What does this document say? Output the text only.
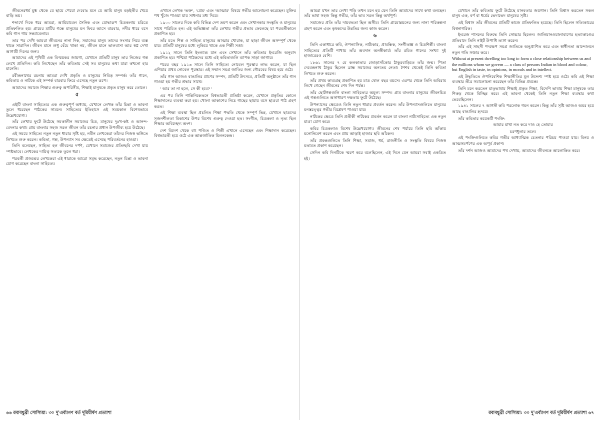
জীবনেরধর্ম মুগ্ধ থেকে যে ছায়ে পেয়ো দেবোঃ মনে যে আমি মানুষ বড়ইতীর খেয়ে বাড়ি ভয়।

শব্দার্থে দিকে ধরে আমরা, আমিয়াবেল সৈনিক এবং যোদ্ধারূপ চিত্রকলায় চরিত্রে প্রতিফলিত হয়। গ্রামের মাটির গন্ধে মানুষের মন ফিরে আসে বারবার, নদীর ধারে বসে কবি গান গায় সন্ধ্যাবেলায়।

তার পর দেখি আমরা জীবনের নানা দিক, সমাজের মানুষ তাদের সংসার নিয়ে ব্যস্ত থাকে সারাদিন। জীবন মানে শুধু বেঁচে থাকা নয়, জীবন মানে ভালবাসা আর স্বপ্ন দেখা আগামী দিনের জন্য।

আমাদের এই পৃথিবী এক বিস্ময়কর জায়গা, যেখানে প্রতিটি মানুষ তার নিজের গল্প লেখে প্রতিদিন। কবি লিখেছেন তাঁর কবিতায় সেই সব মানুষের কথা যারা কখনো হার মানেনি।

রবীন্দ্রনাথের রচনায় আমরা দেখি প্রকৃতি ও মানুষের নিবিড় সম্পর্ক। তাঁর গানে, কবিতায় ও নাটকে এই সম্পর্ক বারবার ফিরে এসেছে নতুন রূপে।

আমাদের সমাজে শিক্ষার গুরুত্ব অপরিসীম, শিক্ষাই মানুষকে প্রকৃত মানুষ করে তোলে।

৫

এইটি বাংলা সাহিত্যের এক গুরুত্বপূর্ণ অধ্যায়, যেখানে লেখক তাঁর চিন্তা ও ভাবনা তুলে ধরেছেন পাঠকের সামনে। সাহিত্যের ইতিহাসে এই সময়কাল বিশেষভাবে উল্লেখযোগ্য।

তাঁর লেখায় ফুটে উঠেছে সমকালীন সমাজের চিত্র, মানুষের দুঃখ-কষ্ট ও আনন্দ-বেদনার কথা। গ্রাম বাংলার সহজ সরল জীবন তাঁর রচনার প্রধান উপজীব্য হয়ে উঠেছে।

এই সময়ে সাহিত্যে নতুন নতুন ধারার সৃষ্টি হয়, নবীন লেখকেরা তাঁদের নিজস্ব ভঙ্গিতে লিখতে শুরু করেন। কবিতা, গল্প, উপন্যাস সব ক্ষেত্রেই এসেছে পরিবর্তনের হাওয়া।

তিনি বলেছেন, সাহিত্য হল জীবনের দর্পণ, যেখানে সমাজের প্রতিচ্ছবি দেখা যায় স্পষ্টভাবে। লেখকের দায়িত্ব সত্যকে তুলে ধরা।

পরবর্তী প্রজন্মের লেখকেরা এই ধারাকে আরো সমৃদ্ধ করেছেন, নতুন চিন্তা ও ভাবনা যোগ করেছেন বাংলা সাহিত্যে।

এখানে লেখক 'ভক্ত', 'প্রেম' এবং 'আত্মার' বিষয়ে গভীর আলোচনা করেছেন। মুক্তির পথ খুঁজে পাওয়া যায় সাধনার মধ্য দিয়ে।

১৯০০ সালের দিকে কবি বিভিন্ন দেশ ভ্রমণ করেন এবং সেখানকার সংস্কৃতি ও মানুষের সাথে পরিচিত হন। এই অভিজ্ঞতা তাঁর লেখায় গভীর প্রভাব ফেলেছে যা পরবর্তীকালে প্রকাশিত হয়।

তাঁর মতে শিল্প ও সাহিত্য মানুষের আত্মার খোরাক, যা ছাড়া জীবন অসম্পূর্ণ থেকে যায়। প্রতিটি মানুষের মধ্যে লুকিয়ে থাকে এক শিল্পী সত্তা।

১৯১২ সালে তিনি ইংল্যান্ড যান এবং সেখানে তাঁর কবিতার ইংরেজি অনুবাদ প্রকাশিত হয়। পশ্চিমা পাঠকদের মধ্যে এই কবিতাগুলি ব্যাপক সাড়া জাগায়।

পরের বছর ১৯১৩ সালে তিনি সাহিত্যে নোবেল পুরস্কার লাভ করেন, যা ছিল এশিয়ার প্রথম নোবেল পুরস্কার। এই সম্মান সমগ্র জাতির জন্য গৌরবের বিষয় হয়ে ওঠে।

তাঁর গান আজও বাঙালির প্রাণের সম্পদ, প্রতিটি উৎসবে, প্রতিটি অনুষ্ঠানে তাঁর গান গাওয়া হয় গভীর শ্রদ্ধার সাথে।

' আর তা না হলে, সে কী হবে? '

এর পর তিনি শান্তিনিকেতনে বিশ্বভারতী প্রতিষ্ঠা করেন, যেখানে প্রকৃতির কোলে শিক্ষাদানের ব্যবস্থা করা হয়। খোলা আকাশের নিচে গাছের ছায়ায় বসে ছাত্ররা পাঠ গ্রহণ করত।

এই শিক্ষা ব্যবস্থা ছিল প্রচলিত শিক্ষা পদ্ধতি থেকে সম্পূর্ণ ভিন্ন, যেখানে ছাত্রদের সৃজনশীলতা বিকাশের উপর বিশেষ গুরুত্ব দেওয়া হত। সংগীত, চিত্রকলা ও নৃত্য ছিল শিক্ষার অবিচ্ছেদ্য অংশ।

দেশ বিদেশ থেকে বহু পণ্ডিত ও শিল্পী এখানে এসেছেন এবং শিক্ষাদান করেছেন। বিশ্বভারতী হয়ে ওঠে এক আন্তর্জাতিক মিলনকেন্দ্র।

৬৬ রবাবধুব্রী সোস্যিয়া: ৩০ দু'এর্ব্যাগণ বর্ত দূরিয়ীর্ষণ প্রত্যাশা

আমরা যখন তার লেখা পড়ি তখন মনে হয় যেন তিনি আমাদের সাথে কথা বলছেন। তাঁর ভাষা সহজ কিন্তু গভীর, তাঁর ভাব সরল কিন্তু অর্থপূর্ণ।

সমাজের প্রতি তাঁর দায়বদ্ধতা ছিল অসীম। তিনি গ্রামোন্নয়নের জন্য নানা পরিকল্পনা গ্রহণ করেন এবং কৃষকদের উন্নতির জন্য কাজ করেন।

৬

তিনি একাধারে কবি, ঔপন্যাসিক, নাট্যকার, প্রাবন্ধিক, সংগীতজ্ঞ ও চিত্রশিল্পী। বাংলা সাহিত্যের প্রতিটি শাখায় তাঁর অবদান অনস্বীকার্য। তাঁর রচিত গানের সংখ্যা দুই হাজারেরও বেশি।

১৮৬১ সালের ৭ মে কলকাতার জোড়াসাঁকোর ঠাকুরবাড়িতে তাঁর জন্ম। পিতা দেবেন্দ্রনাথ ঠাকুর ছিলেন ব্রাহ্ম সমাজের অন্যতম নেতা। শৈশব থেকেই তিনি কবিতা লিখতে শুরু করেন।

তাঁর প্রথম কাব্যগ্রন্থ প্রকাশিত হয় মাত্র ষোল বছর বয়সে। এরপর থেকে তিনি অবিরাম লিখে গেছেন জীবনের শেষ দিন পর্যন্ত।

তাঁর ছোটগল্পগুলি বাংলা সাহিত্যের অমূল্য সম্পদ। গ্রাম বাংলার মানুষের জীবনচিত্র এই গল্পগুলিতে অসাধারণ দক্ষতায় ফুটে উঠেছে।

উপন্যাসের ক্ষেত্রেও তিনি নতুন ধারার প্রবর্তন করেন। তাঁর উপন্যাসগুলিতে মানুষের মনস্তত্ত্বের গভীর বিশ্লেষণ পাওয়া যায়।

নাটকের ক্ষেত্রে তিনি প্রতীকী নাটকের প্রবর্তন করেন যা বাংলা নাট্যসাহিত্যে এক নতুন মাত্রা যোগ করে।

কবির চিত্রকলাও বিশেষ উল্লেখযোগ্য। জীবনের শেষ পর্যায়ে তিনি ছবি আঁকায় মনোনিবেশ করেন এবং প্রায় আড়াই হাজার ছবি আঁকেন।

তাঁর প্রবন্ধগুলিতে তিনি শিক্ষা, সমাজ, ধর্ম, রাজনীতি ও সংস্কৃতি বিষয়ে নিজস্ব মতামত প্রকাশ করেছেন।

সেদিন কবি দিনটিকে স্মরণ করে বলেছিলেন, এই দিনে যেন আমরা সবাই একত্রিত হই।

যেখানে তাঁর কবিতায় ফুটে উঠেছে মানবতার জয়গান। তিনি বিশ্বাস করতেন সকল মানুষ এক, বর্ণ বা ধর্মের ভেদাভেদ মানুষের সৃষ্টি।

এই বিশ্বাস তাঁর জীবনের প্রতিটি কাজে প্রতিফলিত হয়েছে। তিনি ছিলেন সত্যিকারের বিশ্বনাগরিক।

ইংরেজ শাসনের বিরুদ্ধে তিনি সোচ্চার ছিলেন। জালিয়ানওয়ালাবাগের হত্যাকাণ্ডের প্রতিবাদে তিনি নাইট উপাধি ত্যাগ করেন।

তাঁর এই সাহসী পদক্ষেপ সমগ্র জাতিকে অনুপ্রাণিত করে এবং স্বাধীনতা আন্দোলনে নতুন গতি সঞ্চার করে।

Without at present dwelling too long to form a close relationship between us and the millions whom we govern — a class of persons Indian in blood and colour, but English in taste, in opinions, in morals and in intellect.

এই উদ্ধৃতিতে ঔপনিবেশিক শিক্ষানীতির মূল উদ্দেশ্য স্পষ্ট হয়ে ওঠে। কবি এই শিক্ষা ব্যবস্থার তীব্র সমালোচনা করেছেন তাঁর বিভিন্ন প্রবন্ধে।

তিনি মনে করতেন মাতৃভাষায় শিক্ষাই প্রকৃত শিক্ষা, বিদেশি ভাষায় শিক্ষা মানুষকে তার শিকড় থেকে বিচ্ছিন্ন করে। এই ভাবনা থেকেই তিনি নতুন শিক্ষা ব্যবস্থার কথা ভেবেছিলেন।

১৯৪১ সালের ৭ আগস্ট কবি পরলোক গমন করেন। কিন্তু তাঁর সৃষ্টি আজও অমর হয়ে আছে বাঙালির হৃদয়ে।

তাঁর কবিতার কয়েকটি পংক্তি:

আমার মাথা নত করে দাও হে তোমার

চরণধুলার তলে।

এই পংক্তিগুলিতে কবির গভীর আধ্যাত্মিক চেতনার পরিচয় পাওয়া যায়। বিনয় ও আত্মসমর্পণের এক অপূর্ব প্রকাশ।

তাঁর দর্শন আজও আমাদের পথ দেখায়, আমাদের জীবনকে আলোকিত করে।

রবাবধুব্রী সোস্যিয়া: ৩০ দু'এর্ব্যাগণ বর্ত দূরিয়ীর্ষণ প্রত্যাশা ৬৭
